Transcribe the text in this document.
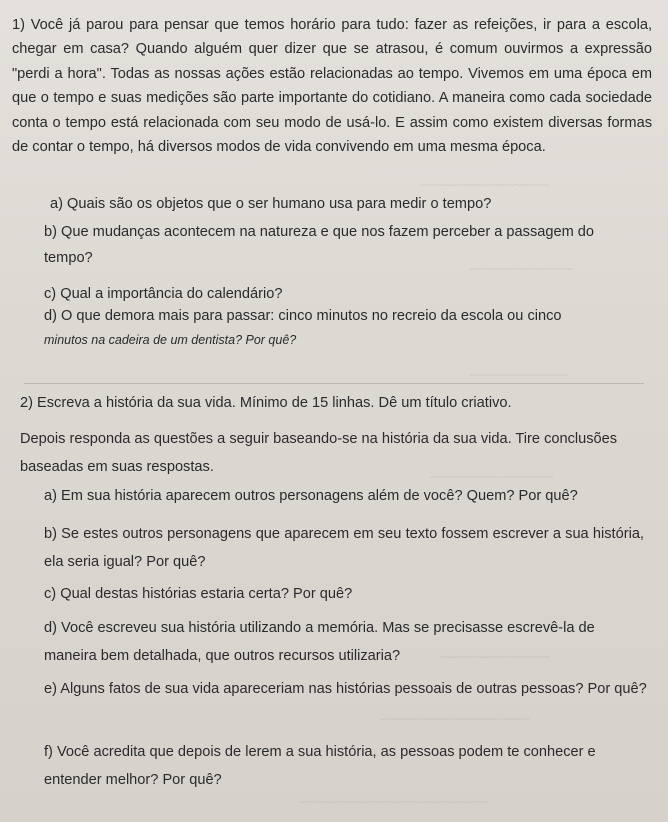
~~~~~~~~~~~~~~~~~~~~
~~~~~~~~~~~~~~~~
~~~~~~~~~~~~~~~
~~~~~~~~~~~~~~~~~~~
~~~~~~~~~~~~~~~~~
~~~~~~~~~~~~~~~~~~~~~~~
~~~~~~~~~~~~~~~~~~~~~~~~~~~~~

1) Você já parou para pensar que temos horário para tudo: fazer as refeições, ir para a escola, chegar em casa? Quando alguém quer dizer que se atrasou, é comum ouvirmos a expressão "perdi a hora". Todas as nossas ações estão relacionadas ao tempo. Vivemos em uma época em que o tempo e suas medições são parte importante do cotidiano. A maneira como cada sociedade conta o tempo está relacionada com seu modo de usá-lo. E assim como existem diversas formas de contar o tempo, há diversos modos de vida convivendo em uma mesma época.

a) Quais são os objetos que o ser humano usa para medir o tempo?
b) Que mudanças acontecem na natureza e que nos fazem perceber a passagem do tempo?
c) Qual a importância do calendário?
d) O que demora mais para passar: cinco minutos no recreio da escola ou cinco
minutos na cadeira de um dentista? Por quê?
2) Escreva a história da sua vida. Mínimo de 15 linhas. Dê um título criativo.
Depois responda as questões a seguir baseando-se na história da sua vida. Tire conclusões baseadas em suas respostas.
a) Em sua história aparecem outros personagens além de você? Quem? Por quê?
b) Se estes outros personagens que aparecem em seu texto fossem escrever a sua história, ela seria igual? Por quê?
c) Qual destas histórias estaria certa? Por quê?
d) Você escreveu sua história utilizando a memória. Mas se precisasse escrevê-la de maneira bem detalhada, que outros recursos utilizaria?
e) Alguns fatos de sua vida apareceriam nas histórias pessoais de outras pessoas? Por quê?
f) Você acredita que depois de lerem a sua história, as pessoas podem te conhecer e entender melhor? Por quê?
